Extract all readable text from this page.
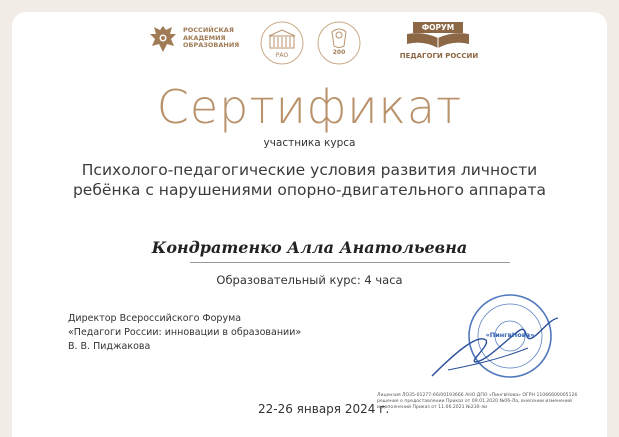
РОССИЙСКАЯ
АКАДЕМИЯ
ОБРАЗОВАНИЯ
РАО	200
ФОРУМ
ПЕДАГОГИ РОССИИ
Сертификат
участника курса
Психолого-педагогические условия развития личности
ребёнка с нарушениями опорно-двигательного аппарата
Кондратенко Алла Анатольевна
Образовательный курс: 4 часа
Директор Всероссийского Форума
«Педагоги России: инновации в образовании»
В. В. Пиджакова
«ПингвНова»
22-26 января 2024 г.
Лицензия ЛО35-01277-66/00193666 АНО ДПО «ПингвНова» ОГРН 1106660000512б
решение о предоставлении Приказ от 09.01.2020 №06-Ла, внесении изменений
и дополнений Приказ от 11.06.2021 №230-ли
